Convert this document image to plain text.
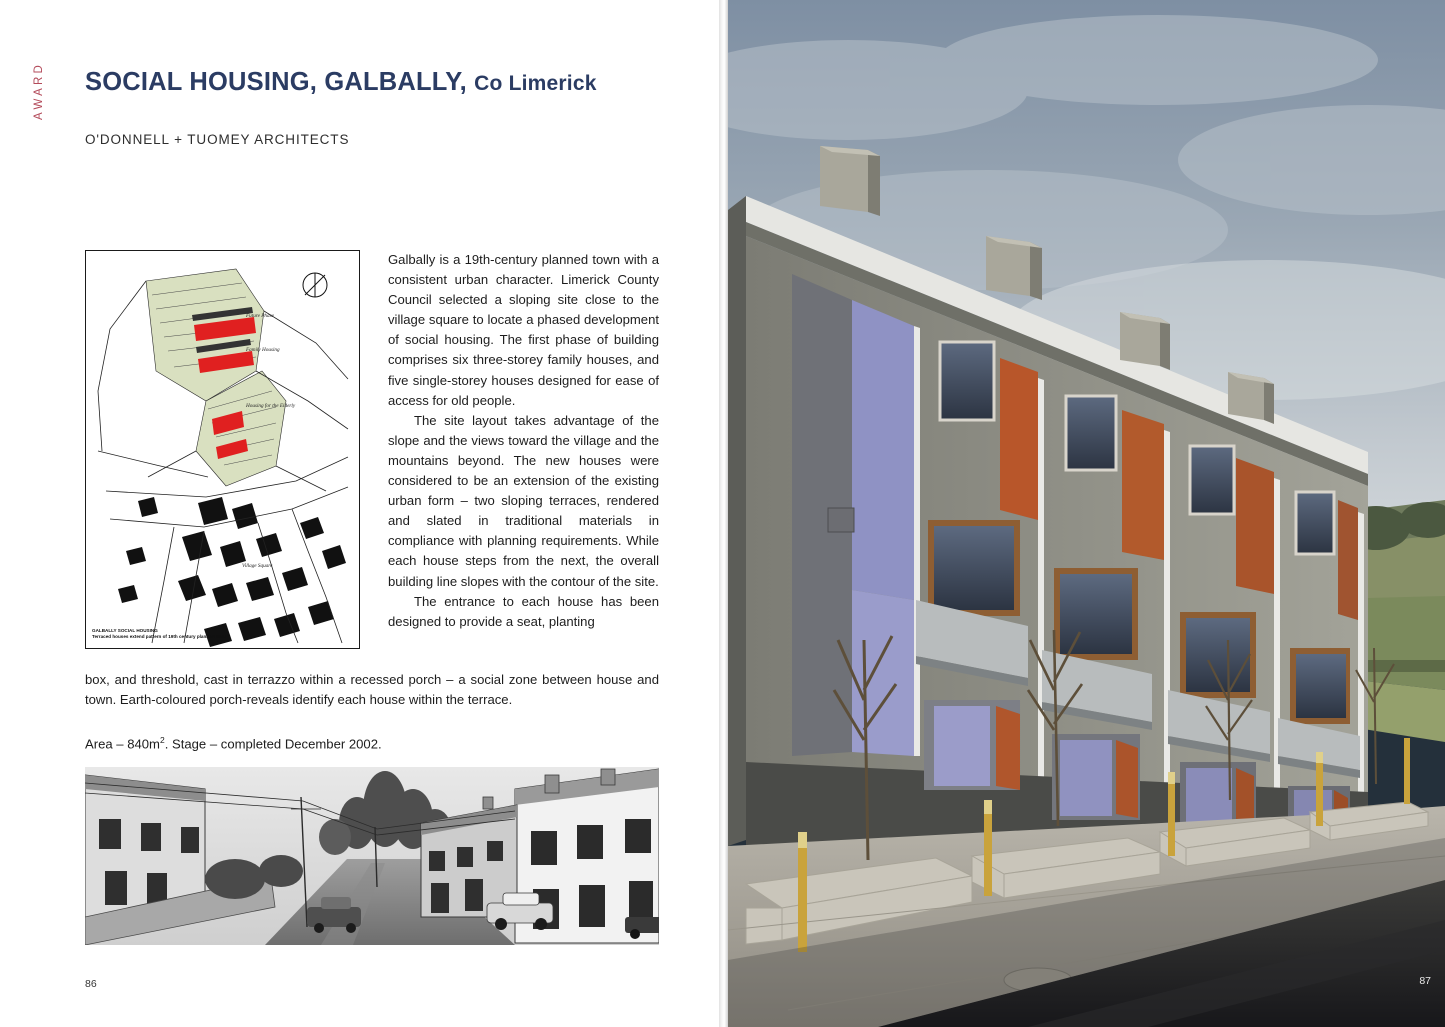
AWARD SOCIAL HOUSING, GALBALLY, Co Limerick
O'DONNELL + TUOMEY ARCHITECTS
Future Phase
Family Housing
Housing for the Elderly
Village Square
GALBALLY SOCIAL HOUSING
Terraced houses extend pattern of 19th century planned town

Galbally is a 19th-century planned town with a consistent urban character. Limerick County Council selected a sloping site close to the village square to locate a phased development of social housing. The first phase of building comprises six three-storey family houses, and five single-storey houses designed for ease of access for old people.

The site layout takes advantage of the slope and the views toward the village and the mountains beyond. The new houses were considered to be an extension of the existing urban form – two sloping terraces, rendered and slated in traditional materials in compliance with planning requirements. While each house steps from the next, the overall building line slopes with the contour of the site.

The entrance to each house has been designed to provide a seat, planting

box, and threshold, cast in terrazzo within a recessed porch – a social zone between house and town. Earth-coloured porch-reveals identify each house within the terrace.

Area – $840m^2$. Stage – completed December 2002.
86	87
